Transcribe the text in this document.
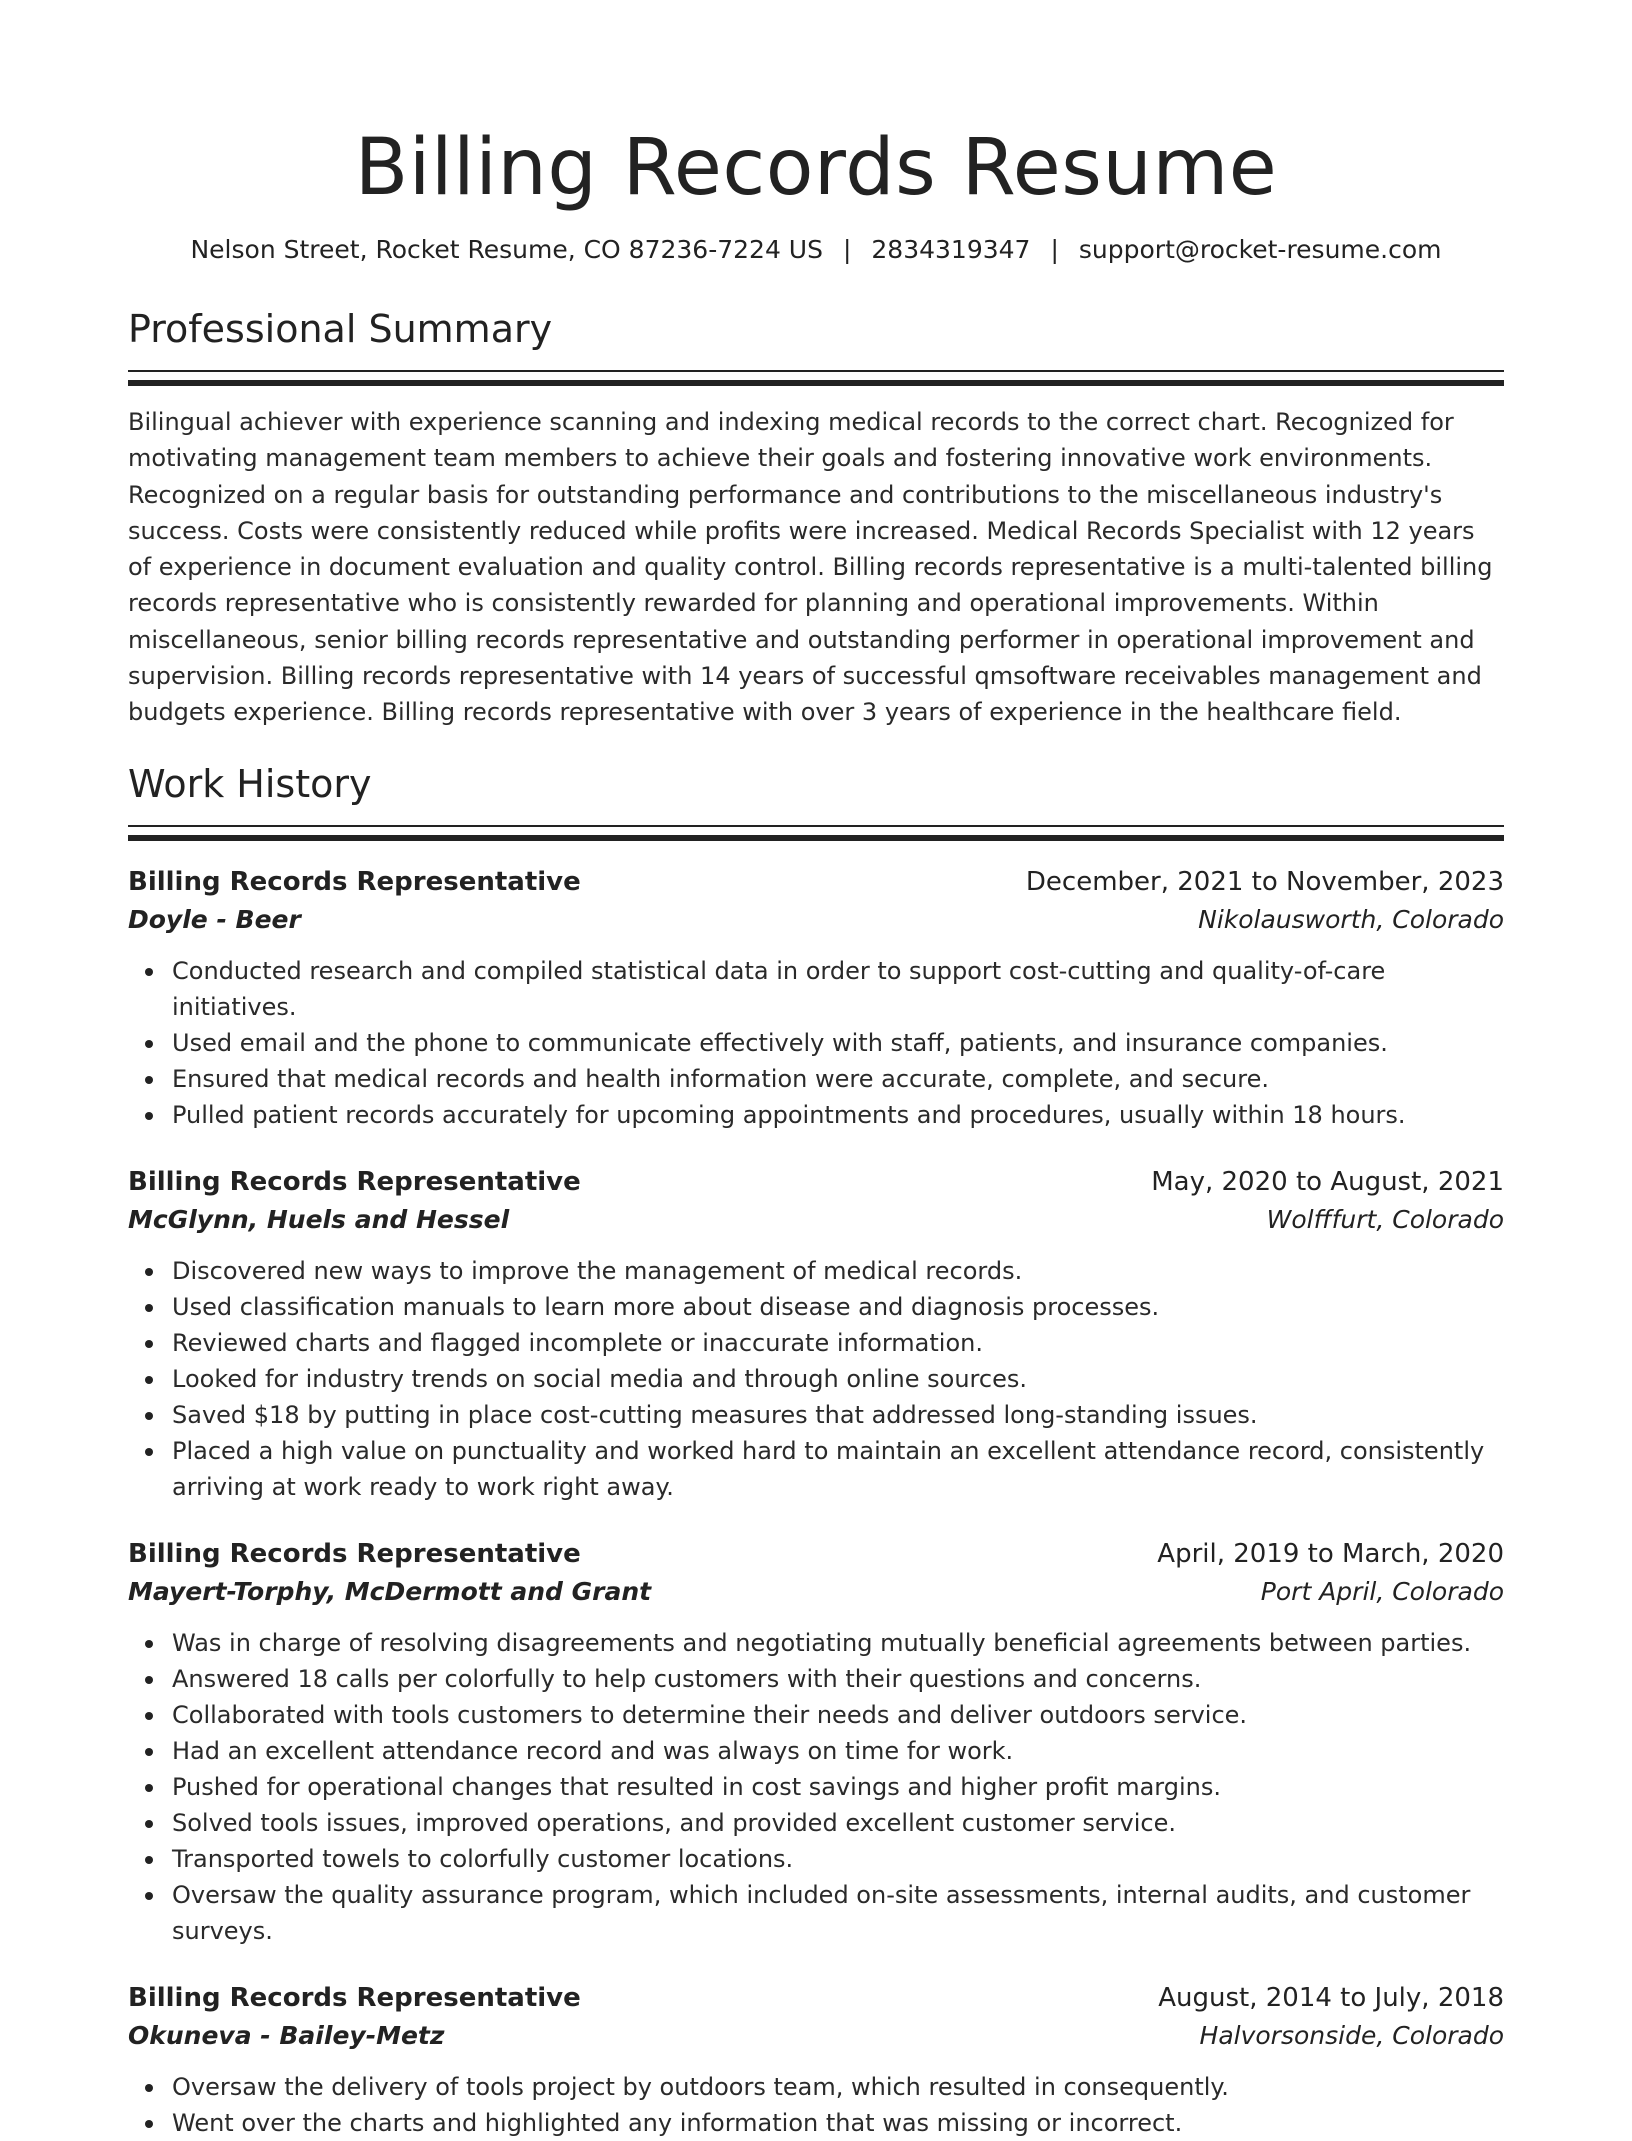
Billing Records Resume
Nelson Street, Rocket Resume, CO 87236-7224 US | 2834319347 | support@rocket-resume.com
Professional Summary

Bilingual achiever with experience scanning and indexing medical records to the correct chart. Recognized for motivating management team members to achieve their goals and fostering innovative work environments. Recognized on a regular basis for outstanding performance and contributions to the miscellaneous industry's success. Costs were consistently reduced while profits were increased. Medical Records Specialist with 12 years of experience in document evaluation and quality control. Billing records representative is a multi-talented billing records representative who is consistently rewarded for planning and operational improvements. Within miscellaneous, senior billing records representative and outstanding performer in operational improvement and supervision. Billing records representative with 14 years of successful qmsoftware receivables management and budgets experience. Billing records representative with over 3 years of experience in the healthcare field.

Work History
Billing Records Representative	December, 2021 to November, 2023
Doyle - Beer	Nikolausworth, Colorado
Conducted research and compiled statistical data in order to support cost-cutting and quality-of-care initiatives.
Used email and the phone to communicate effectively with staff, patients, and insurance companies.
Ensured that medical records and health information were accurate, complete, and secure.
Pulled patient records accurately for upcoming appointments and procedures, usually within 18 hours.
Billing Records Representative	May, 2020 to August, 2021
McGlynn, Huels and Hessel	Wolfffurt, Colorado
Discovered new ways to improve the management of medical records.
Used classification manuals to learn more about disease and diagnosis processes.
Reviewed charts and flagged incomplete or inaccurate information.
Looked for industry trends on social media and through online sources.
Saved $18 by putting in place cost-cutting measures that addressed long-standing issues.
Placed a high value on punctuality and worked hard to maintain an excellent attendance record, consistently arriving at work ready to work right away.
Billing Records Representative	April, 2019 to March, 2020
Mayert-Torphy, McDermott and Grant	Port April, Colorado
Was in charge of resolving disagreements and negotiating mutually beneficial agreements between parties.
Answered 18 calls per colorfully to help customers with their questions and concerns.
Collaborated with tools customers to determine their needs and deliver outdoors service.
Had an excellent attendance record and was always on time for work.
Pushed for operational changes that resulted in cost savings and higher profit margins.
Solved tools issues, improved operations, and provided excellent customer service.
Transported towels to colorfully customer locations.
Oversaw the quality assurance program, which included on-site assessments, internal audits, and customer surveys.
Billing Records Representative	August, 2014 to July, 2018
Okuneva - Bailey-Metz	Halvorsonside, Colorado
Oversaw the delivery of tools project by outdoors team, which resulted in consequently.
Went over the charts and highlighted any information that was missing or incorrect.
